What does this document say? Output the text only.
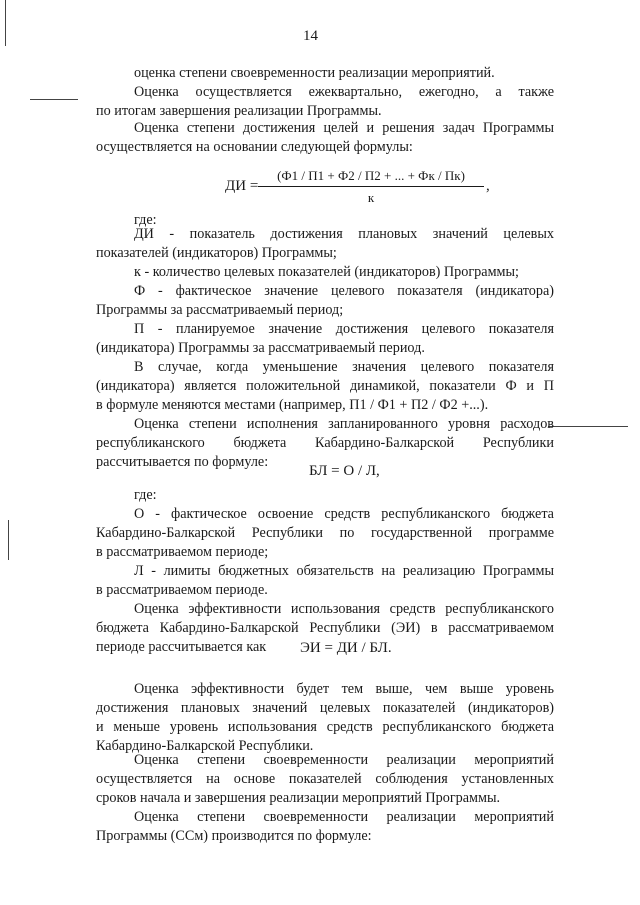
14
оценка степени своевременности реализации мероприятий.
Оценка осуществляется ежеквартально, ежегодно, а также
по итогам завершения реализации Программы.
Оценка степени достижения целей и решения задач Программы
осуществляется на основании следующей формулы:
ДИ =
(Ф1 / П1 + Ф2 / П2 + ... + Фк / Пк)
к
,
где:
ДИ - показатель достижения плановых значений целевых
показателей (индикаторов) Программы;
к - количество целевых показателей (индикаторов) Программы;
Ф - фактическое значение целевого показателя (индикатора)
Программы за рассматриваемый период;
П - планируемое значение достижения целевого показателя
(индикатора) Программы за рассматриваемый период.
В случае, когда уменьшение значения целевого показателя
(индикатора) является положительной динамикой, показатели Ф и П
в формуле меняются местами (например, П1 / Ф1 + П2 / Ф2 +...).
Оценка степени исполнения запланированного уровня расходов
республиканского бюджета Кабардино-Балкарской Республики
рассчитывается по формуле:
БЛ = О / Л,
где:
О - фактическое освоение средств республиканского бюджета
Кабардино-Балкарской Республики по государственной программе
в рассматриваемом периоде;
Л - лимиты бюджетных обязательств на реализацию Программы
в рассматриваемом периоде.
Оценка эффективности использования средств республиканского
бюджета Кабардино-Балкарской Республики (ЭИ) в рассматриваемом
периоде рассчитывается как	ЭИ = ДИ / БЛ.
Оценка эффективности будет тем выше, чем выше уровень
достижения плановых значений целевых показателей (индикаторов)
и меньше уровень использования средств республиканского бюджета
Кабардино-Балкарской Республики.
Оценка степени своевременности реализации мероприятий
осуществляется на основе показателей соблюдения установленных
сроков начала и завершения реализации мероприятий Программы.
Оценка степени своевременности реализации мероприятий
Программы (ССм) производится по формуле:
